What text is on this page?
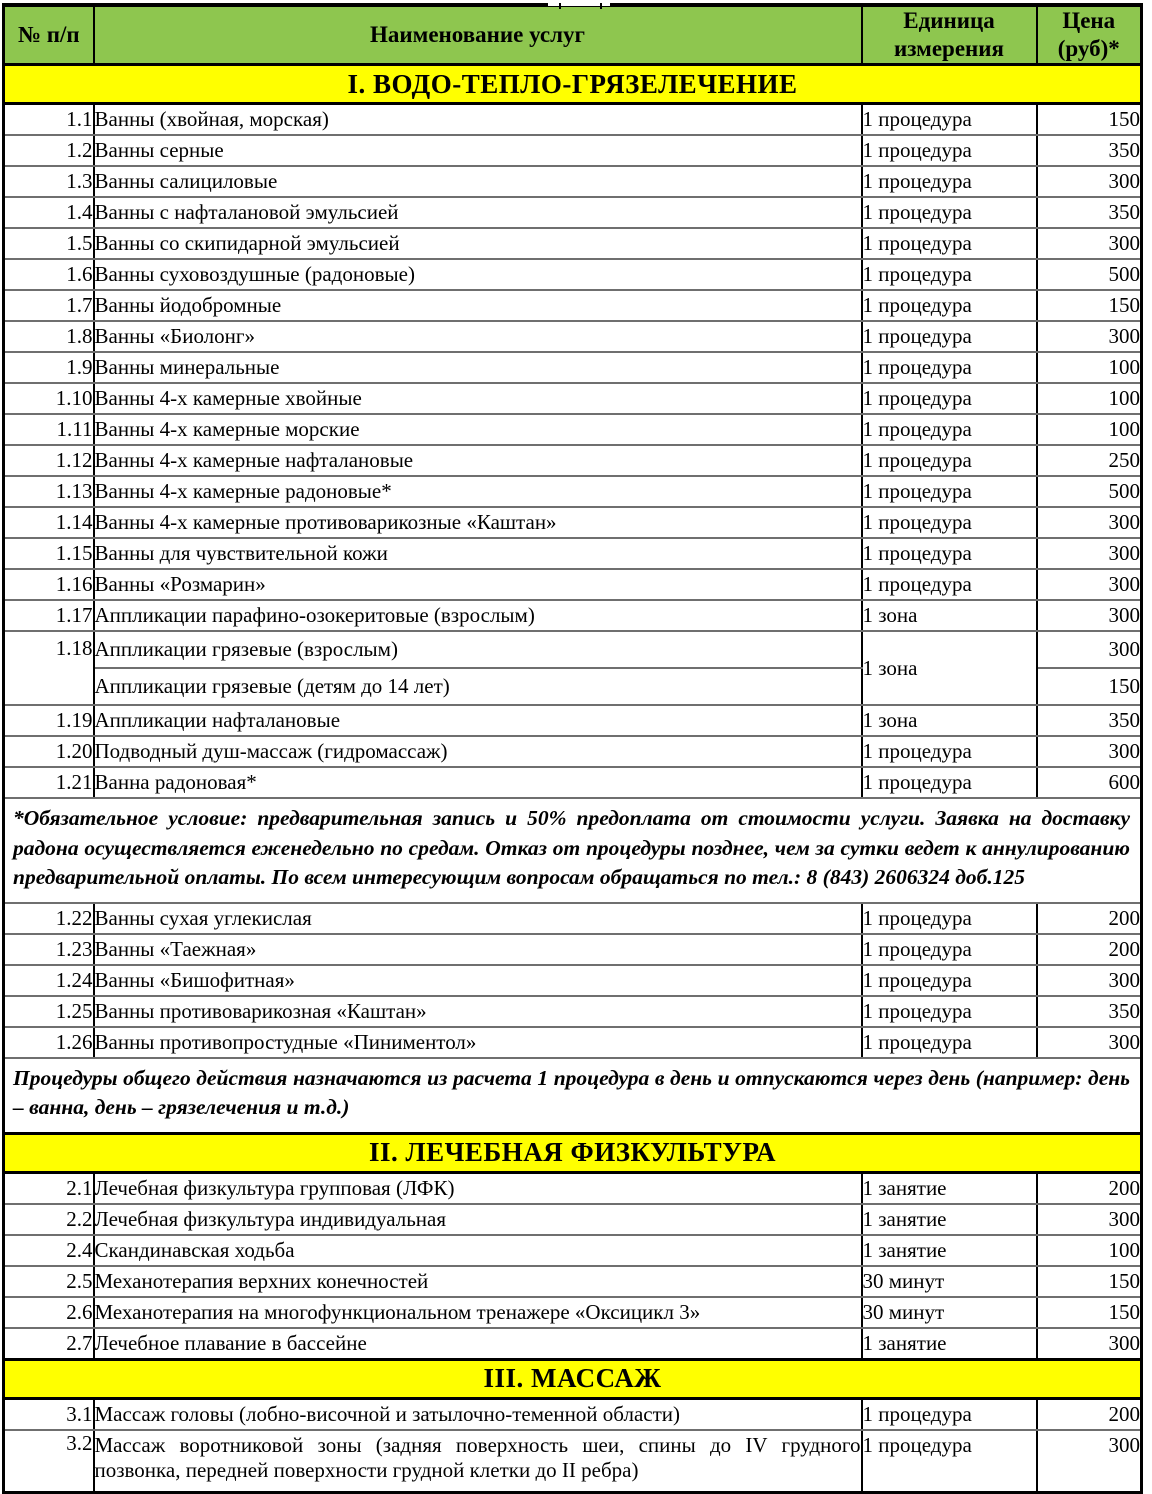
№ п/п	Наименование услуг	Единица измерения	Цена (руб)*
I. ВОДО-ТЕПЛО-ГРЯЗЕЛЕЧЕНИЕ			
1.1	Ванны (хвойная, морская)	1 процедура	150
1.2	Ванны серные	1 процедура	350
1.3	Ванны салициловые	1 процедура	300
1.4	Ванны с нафталановой эмульсией	1 процедура	350
1.5	Ванны со скипидарной эмульсией	1 процедура	300
1.6	Ванны суховоздушные (радоновые)	1 процедура	500
1.7	Ванны йодобромные	1 процедура	150
1.8	Ванны «Биолонг»	1 процедура	300
1.9	Ванны минеральные	1 процедура	100
1.10	Ванны 4-х камерные хвойные	1 процедура	100
1.11	Ванны 4-х камерные морские	1 процедура	100
1.12	Ванны 4-х камерные нафталановые	1 процедура	250
1.13	Ванны 4-х камерные радоновые*	1 процедура	500
1.14	Ванны 4-х камерные противоварикозные «Каштан»	1 процедура	300
1.15	Ванны для чувствительной кожи	1 процедура	300
1.16	Ванны «Розмарин»	1 процедура	300
1.17	Аппликации парафино-озокеритовые (взрослым)	1 зона	300
1.18	Аппликации грязевые (взрослым)	1 зона	300
	Аппликации грязевые (детям до 14 лет)		150
1.19	Аппликации нафталановые	1 зона	350
1.20	Подводный душ-массаж (гидромассаж)	1 процедура	300
1.21	Ванна радоновая*	1 процедура	600
*Обязательное условие: предварительная запись и 50% предоплата от стоимости услуги. Заявка на доставку радона осуществляется еженедельно по средам. Отказ от процедуры позднее, чем за сутки ведет к аннулированию предварительной оплаты. По всем интересующим вопросам обращаться по тел.: 8 (843) 2606324 доб.125			
1.22	Ванны сухая углекислая	1 процедура	200
1.23	Ванны «Таежная»	1 процедура	200
1.24	Ванны «Бишофитная»	1 процедура	300
1.25	Ванны противоварикозная «Каштан»	1 процедура	350
1.26	Ванны противопростудные «Пиниментол»	1 процедура	300
Процедуры общего действия назначаются из расчета 1 процедура в день и отпускаются через день (например: день – ванна, день – грязелечения и т.д.)			
II. ЛЕЧЕБНАЯ ФИЗКУЛЬТУРА			
2.1	Лечебная физкультура групповая (ЛФК)	1 занятие	200
2.2	Лечебная физкультура индивидуальная	1 занятие	300
2.4	Скандинавская ходьба	1 занятие	100
2.5	Механотерапия верхних конечностей	30 минут	150
2.6	Механотерапия на многофункциональном тренажере «Оксицикл 3»	30 минут	150
2.7	Лечебное плавание в бассейне	1 занятие	300
III. МАССАЖ			
3.1	Массаж головы (лобно-височной и затылочно-теменной области)	1 процедура	200
3.2	Массаж воротниковой зоны (задняя поверхность шеи, спины до IV грудного позвонка, передней поверхности грудной клетки до II ребра)	1 процедура	300
